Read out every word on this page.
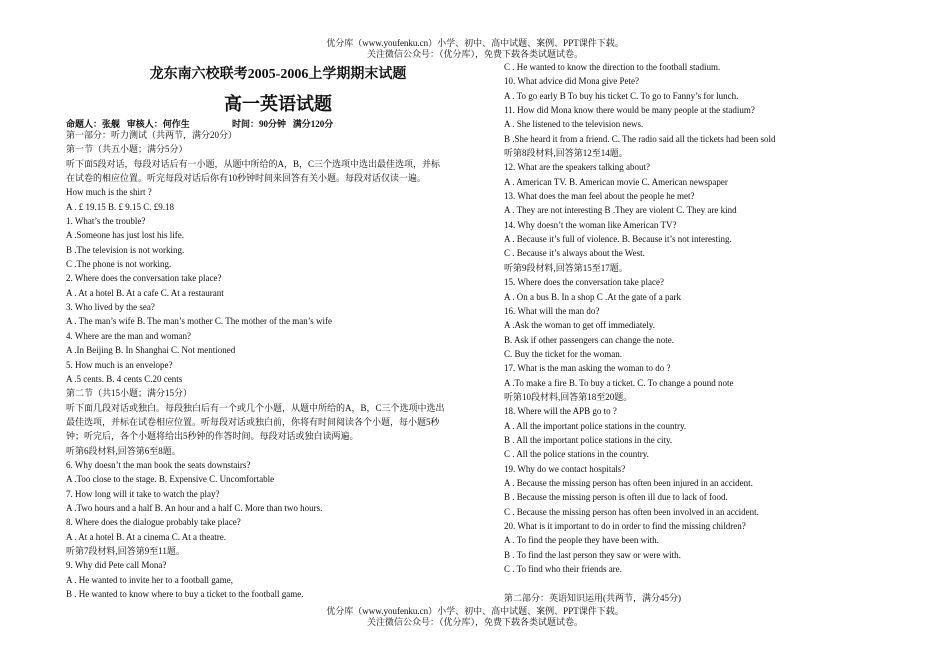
优分库（www.youfenku.cn）小学、初中、高中试题、案例、PPT课件下载。
关注微信公众号：（优分库），免费下载各类试题试卷。
龙东南六校联考2005-2006上学期期末试题
高一英语试题
命题人：张舰 审核人：何作生	时间：90分钟 满分120分
第一部分：听力测试（共两节，满分20分）
第一节（共五小题；满分5分）
听下面5段对话，每段对话后有一小题，从题中所给的A，B，C三个选项中选出最佳选项，并标
在试卷的相应位置。听完每段对话后你有10秒钟时间来回答有关小题。每段对话仅读一遍。
How much is the shirt ?
A . £ 19.15 B. £ 9.15 C. £9.18
1. What’s the trouble?
A .Someone has just lost his life.
B .The television is not working.
C .The phone is not working.
2. Where does the conversation take place?
A . At a hotel B. At a cafe C. At a restaurant
3. Who lived by the sea?
A . The man’s wife B. The man’s mother C. The mother of the man’s wife
4. Where are the man and woman?
A .In Beijing B. In Shanghai C. Not mentioned
5. How much is an envelope?
A .5 cents. B. 4 cents C.20 cents
第二节（共15小题；满分15分）
听下面几段对话或独白。每段独白后有一个或几个小题，从题中所给的A，B，C三个选项中选出
最佳选项，并标在试卷相应位置。听每段对话或独白前，你将有时间阅读各个小题，每小题5秒
钟；听完后，各个小题将给出5秒钟的作答时间。每段对话或独白读两遍。
听第6段材料,回答第6至8题。
6. Why doesn’t the man book the seats downstairs?
A .Too close to the stage. B. Expensive C. Uncomfortable
7. How long will it take to watch the play?
A .Two hours and a half B. An hour and a half C. More than two hours.
8. Where does the dialogue probably take place?
A . At a hotel B. At a cinema C. At a theatre.
听第7段材料,回答第9至11题。
9. Why did Pete call Mona?
A . He wanted to invite her to a football game,
B . He wanted to know where to buy a ticket to the football game.
C . He wanted to know the direction to the football stadium.
10. What advice did Mona give Pete?
A . To go early B To buy his ticket C. To go to Fanny’s for lunch.
11. How did Mona know there would be many people at the stadium?
A . She listened to the television news.
B .She heard it from a friend. C. The radio said all the tickets had been sold
听第8段材料,回答第12至14题。
12. What are the speakers talking about?
A . American TV. B. American movie C. American newspaper
13. What does the man feel about the people he met?
A . They are not interesting B .They are violent C. They are kind
14. Why doesn’t the woman like American TV?
A . Because it’s full of violence. B. Because it’s not interesting.
C . Because it’s always about the West.
听第9段材料,回答第15至17题。
15. Where does the conversation take place?
A . On a bus B. In a shop C .At the gate of a park
16. What will the man do?
A .Ask the woman to get off immediately.
B. Ask if other passengers can change the note.
C. Buy the ticket for the woman.
17. What is the man asking the woman to do ?
A .To make a fire B. To buy a ticket. C. To change a pound note
听第10段材料,回答第18至20题。
18. Where will the APB go to ?
A . All the important police stations in the country.
B . All the important police stations in the city.
C . All the police stations in the country.
19. Why do we contact hospitals?
A . Because the missing person has often been injured in an accident.
B . Because the missing person is often ill due to lack of food.
C . Because the missing person has often been involved in an accident.
20. What is it important to do in order to find the missing children?
A . To find the people they have been with.
B . To find the last person they saw or were with.
C . To find who their friends are.
第二部分：英语知识运用(共两节，满分45分)
优分库（www.youfenku.cn）小学、初中、高中试题、案例、PPT课件下载。
关注微信公众号：（优分库），免费下载各类试题试卷。
